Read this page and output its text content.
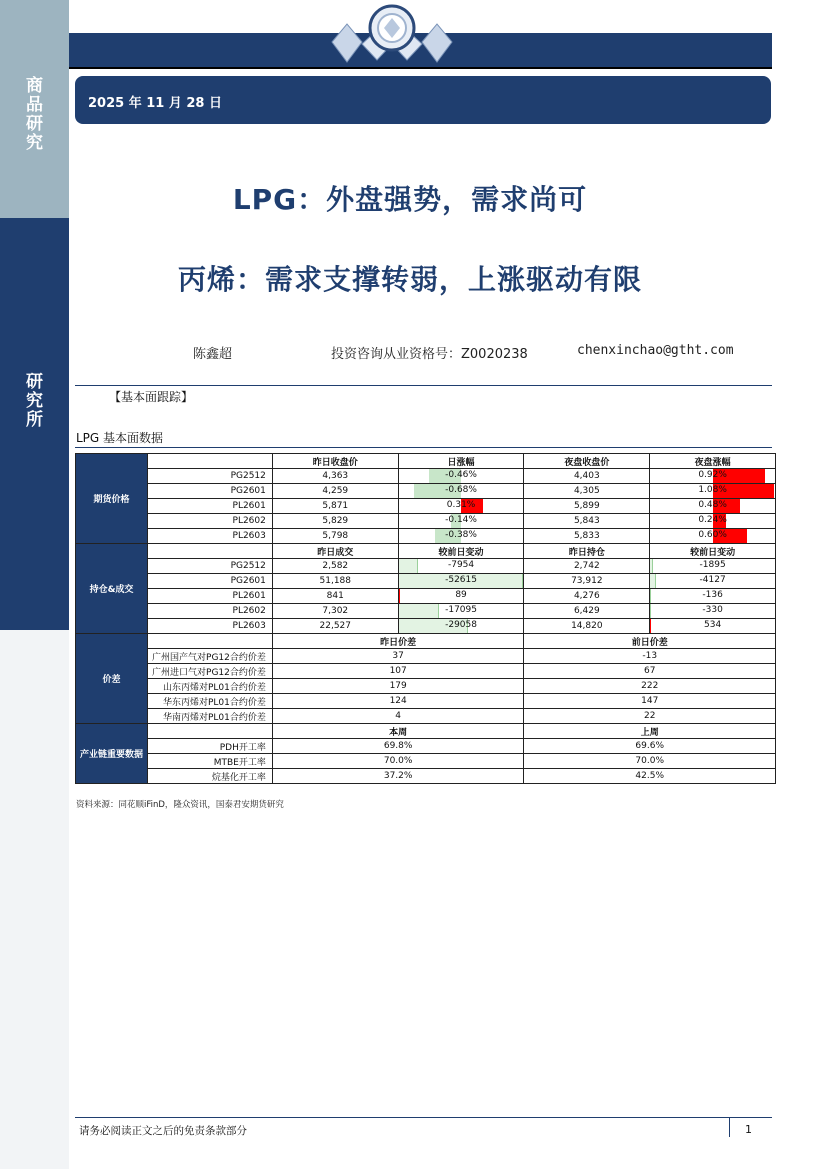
商品研究
研究所
2025 年 11 月 28 日
LPG：外盘强势，需求尚可
丙烯：需求支撑转弱，上涨驱动有限
陈鑫超	投资咨询从业资格号：Z0020238	chenxinchao@gtht.com
【基本面跟踪】
LPG 基本面数据
期货价格		昨日收盘价	日涨幅	夜盘收盘价	夜盘涨幅
	PG2512	4,363	-0.46%	4,403	0.92%

	PG2601	4,259	-0.68%	4,305	1.08%

	PL2601	5,871	0.31%	5,899	0.48%

	PL2602	5,829	-0.14%	5,843	0.24%

	PL2603	5,798	-0.38%	5,833	0.60%

持仓&成交		昨日成交	较前日变动	昨日持仓	较前日变动
	PG2512	2,582	-7954	2,742	-1895

	PG2601	51,188	-52615	73,912	-4127

	PL2601	841	89	4,276	-136

	PL2602	7,302	-17095	6,429	-330

	PL2603	22,527	-29058	14,820	534

价差		昨日价差		前日价差	
	广州国产气对PG12合约价差	37		-13	
	广州进口气对PG12合约价差	107		67	
	山东丙烯对PL01合约价差	179		222	
	华东丙烯对PL01合约价差	124		147	
	华南丙烯对PL01合约价差	4		22	
产业链重要数据		本周		上周	
	PDH开工率	69.8%		69.6%	
	MTBE开工率	70.0%		70.0%	
	烷基化开工率	37.2%		42.5%	
资料来源：同花顺iFinD，隆众资讯，国泰君安期货研究
请务必阅读正文之后的免责条款部分	1
